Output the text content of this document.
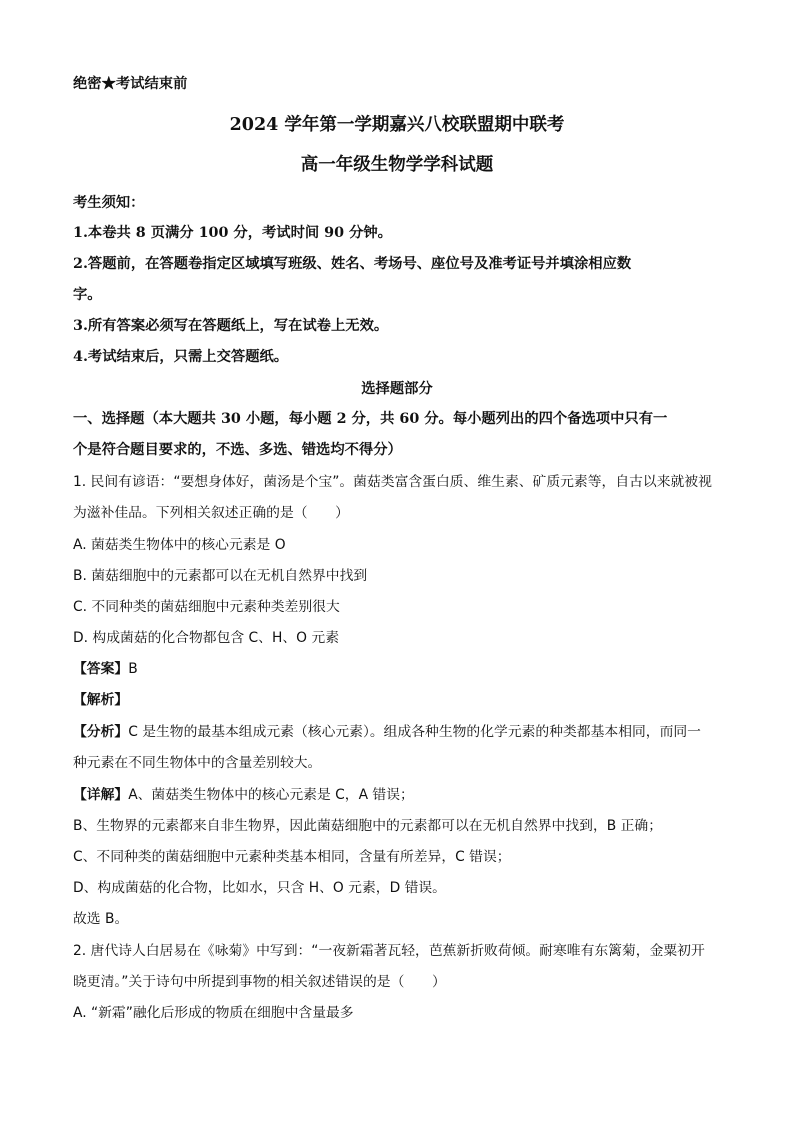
绝密★考试结束前
2024 学年第一学期嘉兴八校联盟期中联考
高一年级生物学学科试题
考生须知：
1.本卷共 8 页满分 100 分，考试时间 90 分钟。
2.答题前，在答题卷指定区域填写班级、姓名、考场号、座位号及准考证号并填涂相应数
字。
3.所有答案必须写在答题纸上，写在试卷上无效。
4.考试结束后，只需上交答题纸。
选择题部分
一、选择题（本大题共 30 小题，每小题 2 分，共 60 分。每小题列出的四个备选项中只有一
个是符合题目要求的，不选、多选、错选均不得分）
1. 民间有谚语：“要想身体好，菌汤是个宝”。菌菇类富含蛋白质、维生素、矿质元素等，自古以来就被视
为滋补佳品。下列相关叙述正确的是（　　）
A. 菌菇类生物体中的核心元素是 O
B. 菌菇细胞中的元素都可以在无机自然界中找到
C. 不同种类的菌菇细胞中元素种类差别很大
D. 构成菌菇的化合物都包含 C、H、O 元素
【答案】B
【解析】
【分析】C 是生物的最基本组成元素（核心元素）。组成各种生物的化学元素的种类都基本相同，而同一
种元素在不同生物体中的含量差别较大。
【详解】A、菌菇类生物体中的核心元素是 C，A 错误；
B、生物界的元素都来自非生物界，因此菌菇细胞中的元素都可以在无机自然界中找到，B 正确；
C、不同种类的菌菇细胞中元素种类基本相同，含量有所差异，C 错误；
D、构成菌菇的化合物，比如水，只含 H、O 元素，D 错误。
故选 B。
2. 唐代诗人白居易在《咏菊》中写到：“一夜新霜著瓦轻，芭蕉新折败荷倾。耐寒唯有东篱菊，金粟初开
晓更清。”关于诗句中所提到事物的相关叙述错误的是（　　）
A. “新霜”融化后形成的物质在细胞中含量最多
